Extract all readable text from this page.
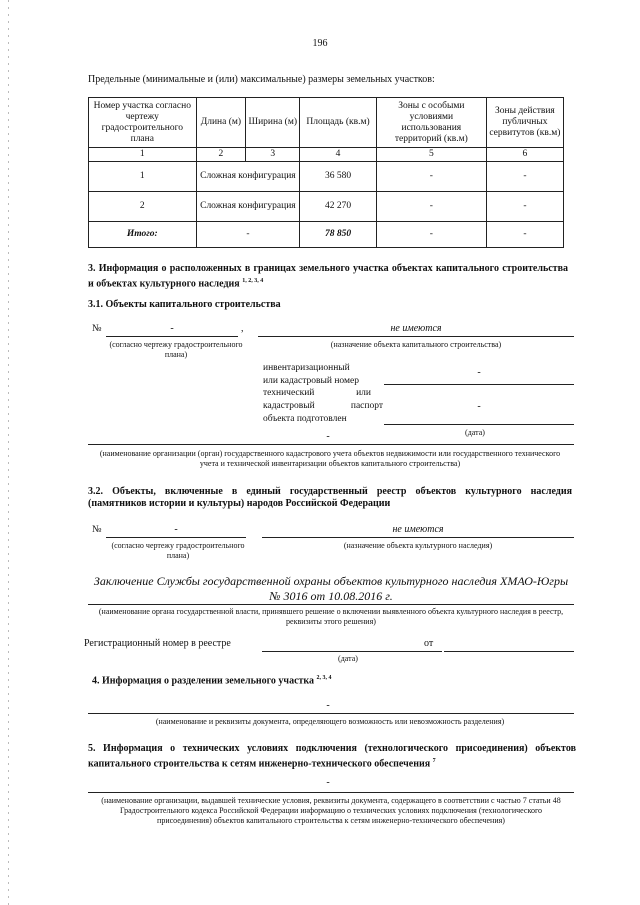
196
Предельные (минимальные и (или) максимальные) размеры земельных участков:
Номер участка согласно чертежу градостроительного плана	Длина (м)	Ширина (м)	Площадь (кв.м)	Зоны с особыми условиями использования территорий (кв.м)	Зоны действия публичных сервитутов (кв.м)
1	2	3	4	5	6
1	Сложная конфигурация		36 580	-	-
2	Сложная конфигурация		42 270	-	-
Итого:	-		78 850	-	-
3. Информация о расположенных в границах земельного участка объектах капитального строительства и объектах культурного наследия $^{1, 2, 3, 4}$
3.1. Объекты капитального строительства
№	-	,	не имеются
(согласно чертежу градостроительного плана)
(назначение объекта капитального строительства)
инвентаризационный
или кадастровый номер
-
технический	или
кадастровый	паспорт
объекта подготовлен
-
(дата)
-
(наименование организации (орган) государственного кадастрового учета объектов недвижимости или государственного технического учета и технической инвентаризации объектов капитального строительства)
3.2. Объекты, включенные в единый государственный реестр объектов культурного наследия (памятников истории и культуры) народов Российской Федерации
№	-	не имеются
(согласно чертежу градостроительного плана)
(назначение объекта культурного наследия)
Заключение Службы государственной охраны объектов культурного наследия ХМАО-Югры
№ 3016 от 10.08.2016 г.
(наименование органа государственной власти, принявшего решение о включении выявленного объекта культурного наследия в реестр, реквизиты этого решения)
Регистрационный номер в реестре	от
(дата)
4. Информация о разделении земельного участка $^{2, 3, 4}$
-
(наименование и реквизиты документа, определяющего возможность или невозможность разделения)
5. Информация о технических условиях подключения (технологического присоединения) объектов капитального строительства к сетям инженерно-технического обеспечения $^7$
-
(наименование организации, выдавшей технические условия, реквизиты документа, содержащего в соответствии с частью 7 статьи 48 Градостроительного кодекса Российской Федерации информацию о технических условиях подключения (технологического присоединения) объектов капитального строительства к сетям инженерно-технического обеспечения)
